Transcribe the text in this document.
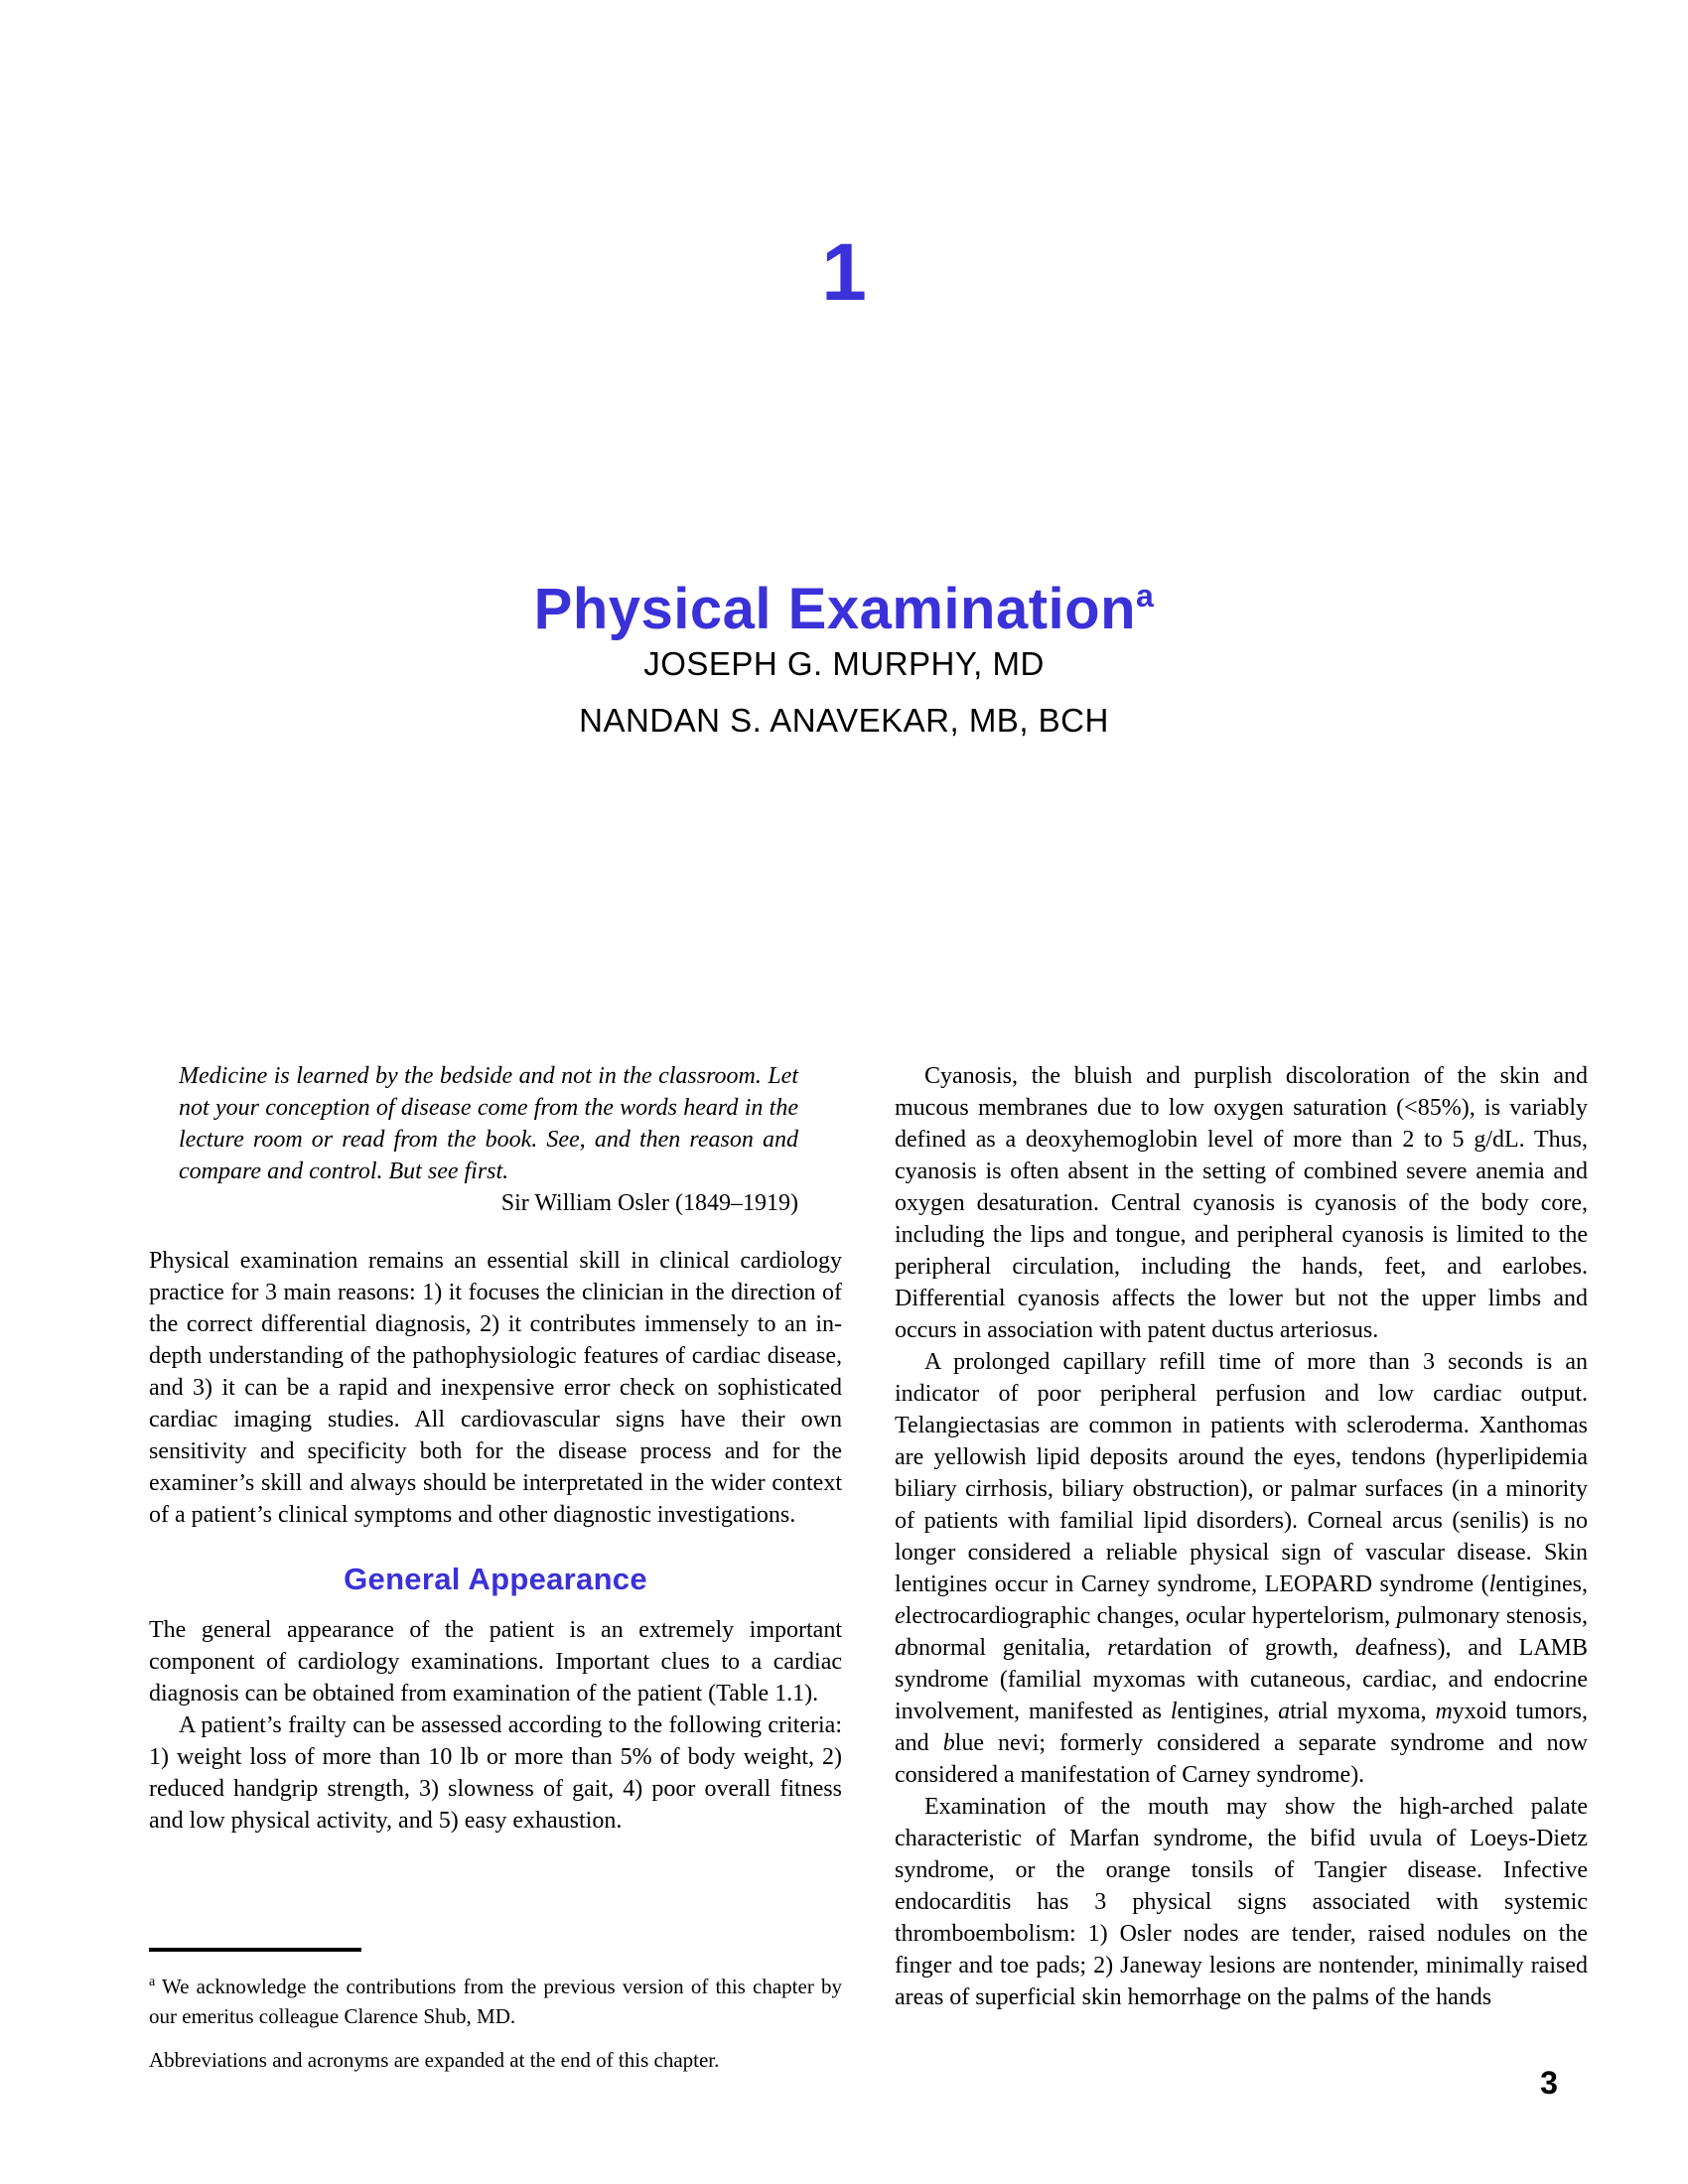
1
Physical Examination$^a$
JOSEPH G. MURPHY, MD
NANDAN S. ANAVEKAR, MB, BCH

Medicine is learned by the bedside and not in the classroom. Let not your conception of disease come from the words heard in the lecture room or read from the book. See, and then reason and compare and control. But see first.

Sir William Osler (1849–1919)

Physical examination remains an essential skill in clinical cardiology practice for 3 main reasons: 1) it focuses the clinician in the direction of the correct differential diagnosis, 2) it contributes immensely to an in-depth understanding of the pathophysiologic features of cardiac disease, and 3) it can be a rapid and inexpensive error check on sophisticated cardiac imaging studies. All cardiovascular signs have their own sensitivity and specificity both for the disease process and for the examiner’s skill and always should be interpretated in the wider context of a patient’s clinical symptoms and other diagnostic investigations.

General Appearance

The general appearance of the patient is an extremely important component of cardiology examinations. Important clues to a cardiac diagnosis can be obtained from examination of the patient (Table 1.1).

A patient’s frailty can be assessed according to the following criteria: 1) weight loss of more than 10 lb or more than 5% of body weight, 2) reduced handgrip strength, 3) slowness of gait, 4) poor overall fitness and low physical activity, and 5) easy exhaustion.

Cyanosis, the bluish and purplish discoloration of the skin and mucous membranes due to low oxygen saturation (<85%), is variably defined as a deoxyhemoglobin level of more than 2 to 5 g/dL. Thus, cyanosis is often absent in the setting of combined severe anemia and oxygen desaturation. Central cyanosis is cyanosis of the body core, including the lips and tongue, and peripheral cyanosis is limited to the peripheral circulation, including the hands, feet, and earlobes. Differential cyanosis affects the lower but not the upper limbs and occurs in association with patent ductus arteriosus.

A prolonged capillary refill time of more than 3 seconds is an indicator of poor peripheral perfusion and low cardiac output. Telangiectasias are common in patients with scleroderma. Xanthomas are yellowish lipid deposits around the eyes, tendons (hyperlipidemia biliary cirrhosis, biliary obstruction), or palmar surfaces (in a minority of patients with familial lipid disorders). Corneal arcus (senilis) is no longer considered a reliable physical sign of vascular disease. Skin lentigines occur in Carney syndrome, LEOPARD syndrome (lentigines, electrocardiographic changes, ocular hypertelorism, pulmonary stenosis, abnormal genitalia, retardation of growth, deafness), and LAMB syndrome (familial myxomas with cutaneous, cardiac, and endocrine involvement, manifested as lentigines, atrial myxoma, myxoid tumors, and blue nevi; formerly considered a separate syndrome and now considered a manifestation of Carney syndrome).

Examination of the mouth may show the high-arched palate characteristic of Marfan syndrome, the bifid uvula of Loeys-Dietz syndrome, or the orange tonsils of Tangier disease. Infective endocarditis has 3 physical signs associated with systemic thromboembolism: 1) Osler nodes are tender, raised nodules on the finger and toe pads; 2) Janeway lesions are nontender, minimally raised areas of superficial skin hemorrhage on the palms of the hands

$^a$ We acknowledge the contributions from the previous version of this chapter by our emeritus colleague Clarence Shub, MD.

Abbreviations and acronyms are expanded at the end of this chapter.

3
